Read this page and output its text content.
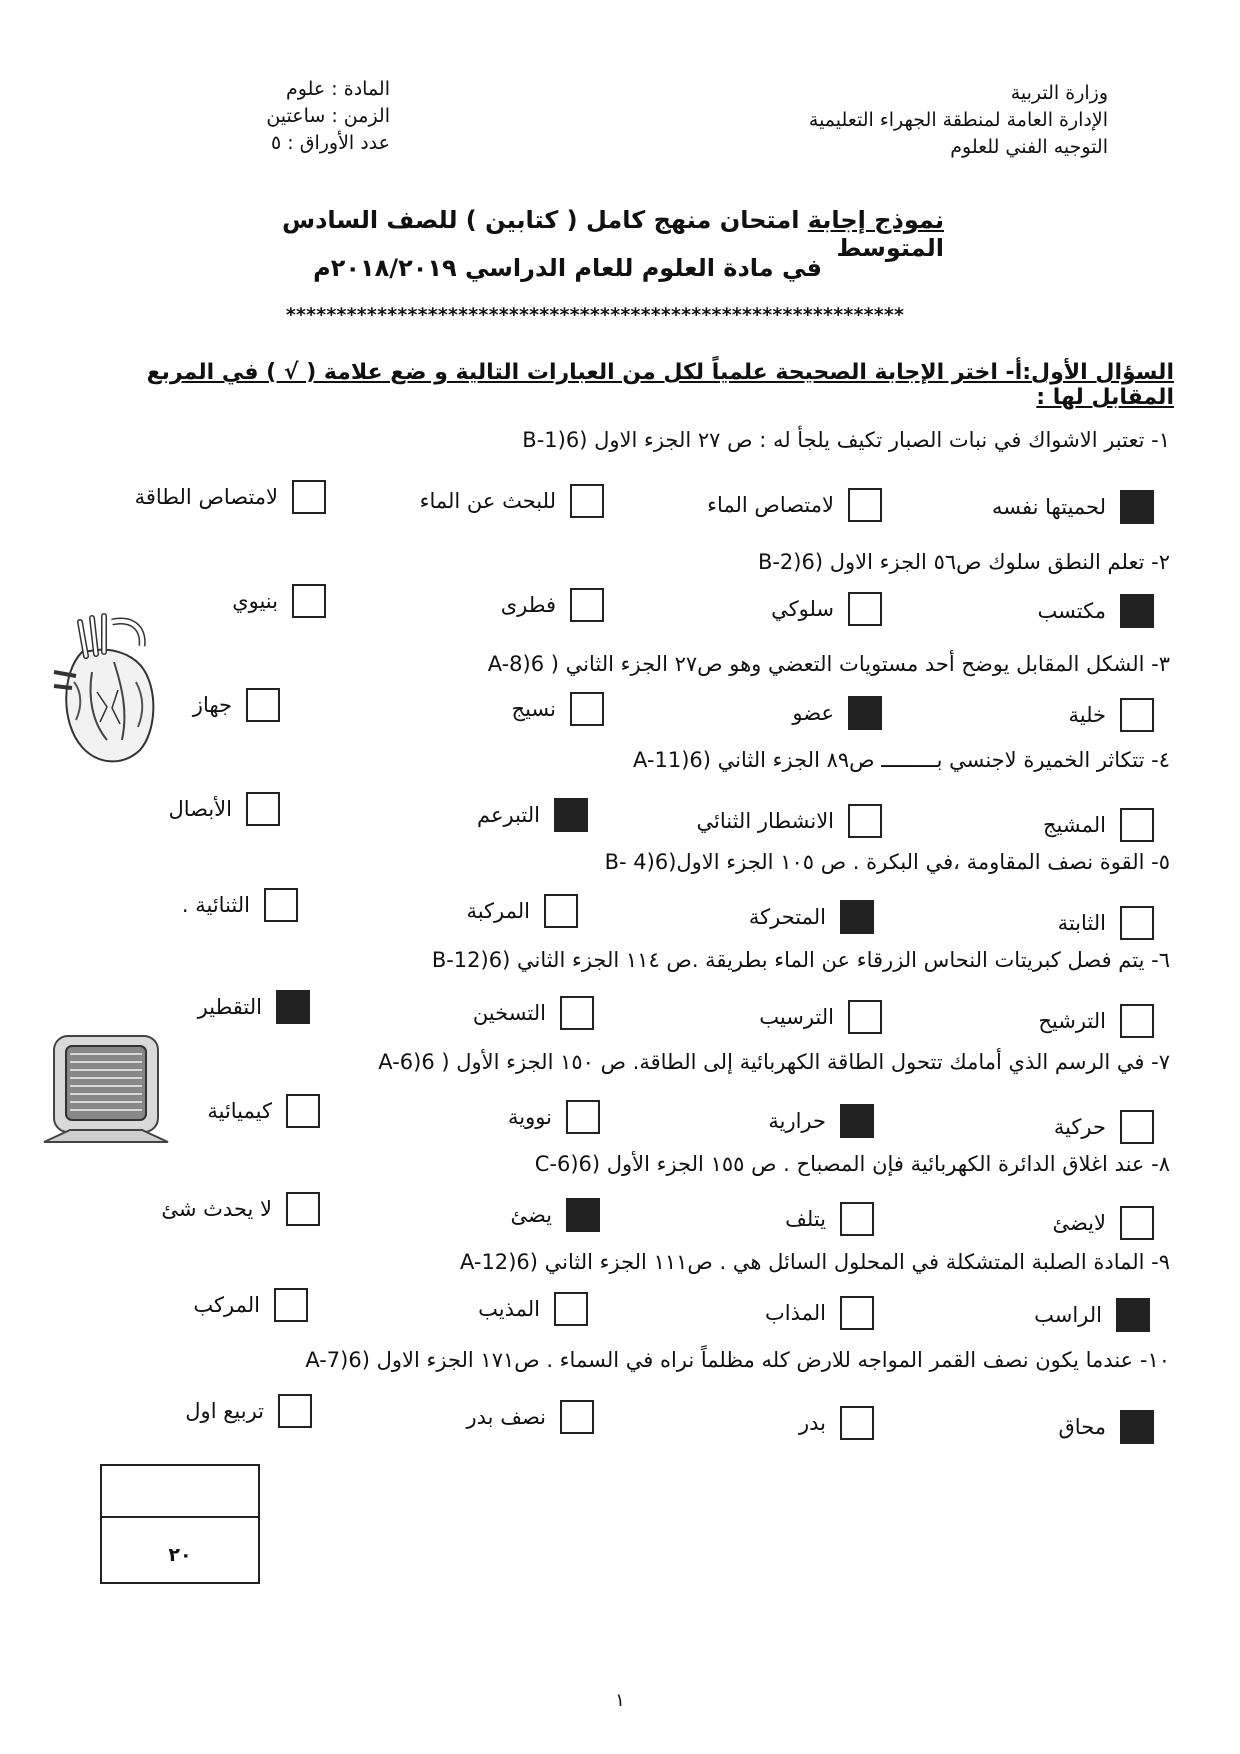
وزارة التربية
الإدارة العامة لمنطقة الجهراء التعليمية
التوجيه الفني للعلوم
المادة : علوم
الزمن : ساعتين
عدد الأوراق : ٥
نموذج إجابة امتحان منهج كامل ( كتابين ) للصف السادس المتوسط
في مادة العلوم للعام الدراسي ٢٠١٨/٢٠١٩م
*************************************************************
السؤال الأول:أ- اختر الإجابة الصحيحة علمياً لكل من العبارات التالية و ضع علامة ( √ ) في المربع المقابل لها :
١- تعتبر الاشواك في نبات الصبار تكيف يلجأ له : ص ٢٧ الجزء الاول (6(B-1
لحميتها نفسه
لامتصاص الماء
للبحث عن الماء
لامتصاص الطاقة
٢- تعلم النطق سلوك ص٥٦ الجزء الاول (6(B-2
مكتسب
سلوكي
فطرى
بنيوي
٣- الشكل المقابل يوضح أحد مستويات التعضي وهو ص٢٧ الجزء الثاني ( 6(A-8
خلية
عضو
نسيج
جهاز
٤- تتكاثر الخميرة لاجنسي بـــــــــ ص٨٩ الجزء الثاني (6(A-11
المشيج
الانشطار الثنائي
التبرعم
الأبصال
٥- القوة نصف المقاومة ،في البكرة . ص ١٠٥ الجزء الاول(6(B- 4
الثابتة
المتحركة
المركبة
الثنائية .
٦- يتم فصل كبريتات النحاس الزرقاء عن الماء بطريقة .ص ١١٤ الجزء الثاني (6(B-12
الترشيح
الترسيب
التسخين
التقطير
٧- في الرسم الذي أمامك تتحول الطاقة الكهربائية إلى الطاقة. ص ١٥٠ الجزء الأول ( 6(A-6
حركية
حرارية
نووية
كيميائية
٨- عند اغلاق الدائرة الكهربائية فإن المصباح . ص ١٥٥ الجزء الأول (6(C-6
لايضئ
يتلف
يضئ
لا يحدث شئ
٩- المادة الصلبة المتشكلة في المحلول السائل هي . ص١١١ الجزء الثاني (6(A-12
الراسب
المذاب
المذيب
المركب
١٠- عندما يكون نصف القمر المواجه للارض كله مظلماً نراه في السماء . ص١٧١ الجزء الاول (6(A-7
محاق
بدر
نصف بدر
تربيع اول
٢٠
١
